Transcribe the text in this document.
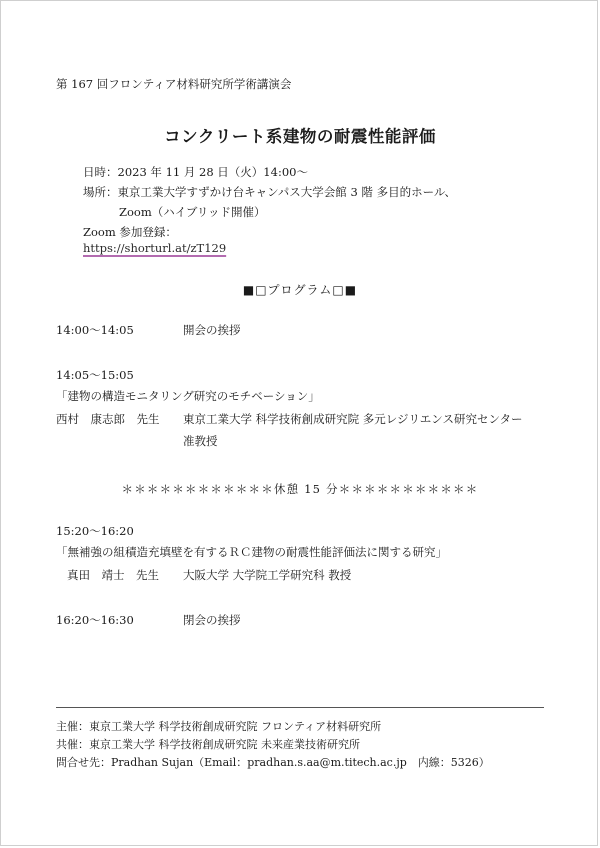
第 167 回フロンティア材料研究所学術講演会
コンクリート系建物の耐震性能評価
日時：2023 年 11 月 28 日（火）14:00～
場所：東京工業大学すずかけ台キャンパス大学会館 3 階 多目的ホール、
Zoom（ハイブリッド開催）
Zoom 参加登録：
https://shorturl.at/zT129
■□プログラム□■
14:00～14:05	開会の挨拶
14:05～15:05
「建物の構造モニタリング研究のモチベーション」
西村　康志郎　先生 東京工業大学 科学技術創成研究院 多元レジリエンス研究センター
准教授
＊＊＊＊＊＊＊＊＊＊＊＊休憩 15 分＊＊＊＊＊＊＊＊＊＊＊
15:20～16:20
「無補強の組積造充填壁を有するＲＣ建物の耐震性能評価法に関する研究」
真田　靖士　先生 大阪大学 大学院工学研究科 教授
16:20～16:30	閉会の挨拶
主催：東京工業大学 科学技術創成研究院 フロンティア材料研究所
共催：東京工業大学 科学技術創成研究院 未来産業技術研究所
問合せ先：Pradhan Sujan（Email：pradhan.s.aa@m.titech.ac.jp　内線：5326）
